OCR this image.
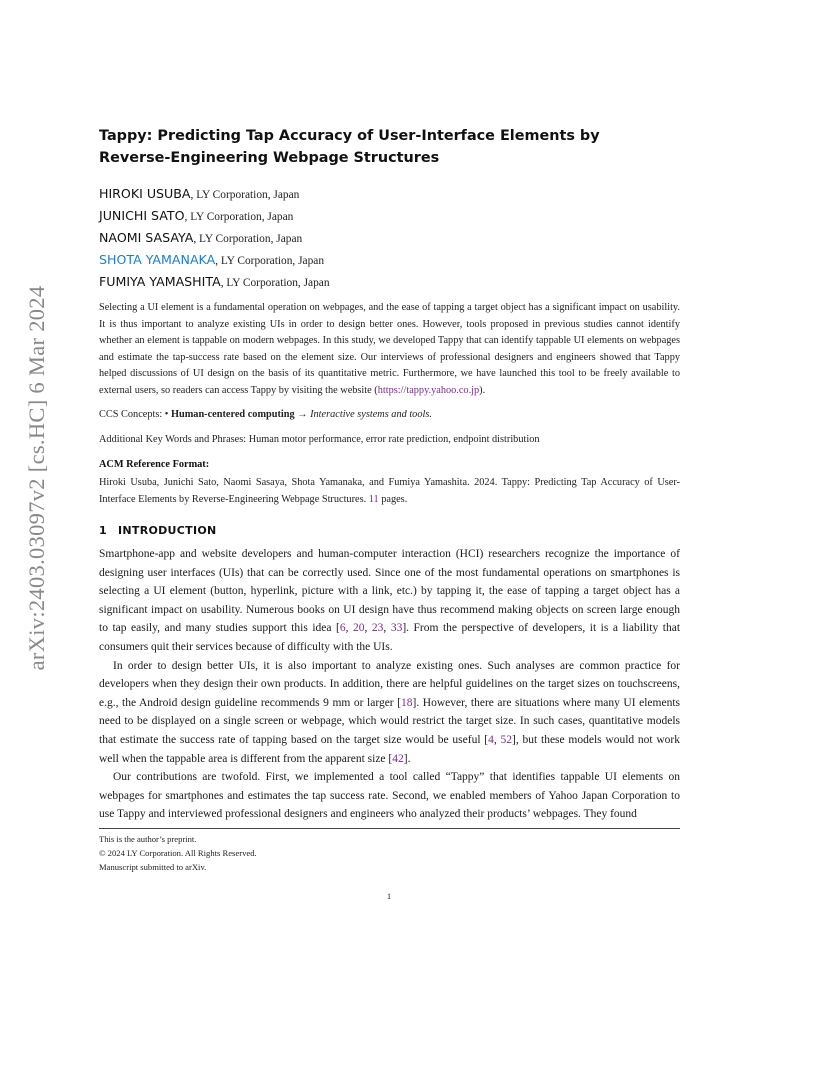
arXiv:2403.03097v2 [cs.HC] 6 Mar 2024
Tappy: Predicting Tap Accuracy of User-Interface Elements by
Reverse-Engineering Webpage Structures
HIROKI USUBA, LY Corporation, Japan
JUNICHI SATO, LY Corporation, Japan
NAOMI SASAYA, LY Corporation, Japan
SHOTA YAMANAKA, LY Corporation, Japan
FUMIYA YAMASHITA, LY Corporation, Japan
Selecting a UI element is a fundamental operation on webpages, and the ease of tapping a target object has a significant impact on usability. It is thus important to analyze existing UIs in order to design better ones. However, tools proposed in previous studies cannot identify whether an element is tappable on modern webpages. In this study, we developed Tappy that can identify tappable UI elements on webpages and estimate the tap-success rate based on the element size. Our interviews of professional designers and engineers showed that Tappy helped discussions of UI design on the basis of its quantitative metric. Furthermore, we have launched this tool to be freely available to external users, so readers can access Tappy by visiting the website (https://tappy.yahoo.co.jp).
CCS Concepts: • Human-centered computing → Interactive systems and tools.
Additional Key Words and Phrases: Human motor performance, error rate prediction, endpoint distribution
ACM Reference Format:
Hiroki Usuba, Junichi Sato, Naomi Sasaya, Shota Yamanaka, and Fumiya Yamashita. 2024. Tappy: Predicting Tap Accuracy of User-Interface Elements by Reverse-Engineering Webpage Structures. 11 pages.
1 INTRODUCTION

Smartphone-app and website developers and human-computer interaction (HCI) researchers recognize the importance of designing user interfaces (UIs) that can be correctly used. Since one of the most fundamental operations on smartphones is selecting a UI element (button, hyperlink, picture with a link, etc.) by tapping it, the ease of tapping a target object has a significant impact on usability. Numerous books on UI design have thus recommend making objects on screen large enough to tap easily, and many studies support this idea [6, 20, 23, 33]. From the perspective of developers, it is a liability that consumers quit their services because of difficulty with the UIs.

In order to design better UIs, it is also important to analyze existing ones. Such analyses are common practice for developers when they design their own products. In addition, there are helpful guidelines on the target sizes on touchscreens, e.g., the Android design guideline recommends 9 mm or larger [18]. However, there are situations where many UI elements need to be displayed on a single screen or webpage, which would restrict the target size. In such cases, quantitative models that estimate the success rate of tapping based on the target size would be useful [4, 52], but these models would not work well when the tappable area is different from the apparent size [42].

Our contributions are twofold. First, we implemented a tool called “Tappy” that identifies tappable UI elements on webpages for smartphones and estimates the tap success rate. Second, we enabled members of Yahoo Japan Corporation to use Tappy and interviewed professional designers and engineers who analyzed their products’ webpages. They found

This is the author’s preprint.
© 2024 LY Corporation. All Rights Reserved.
Manuscript submitted to arXiv.
1
